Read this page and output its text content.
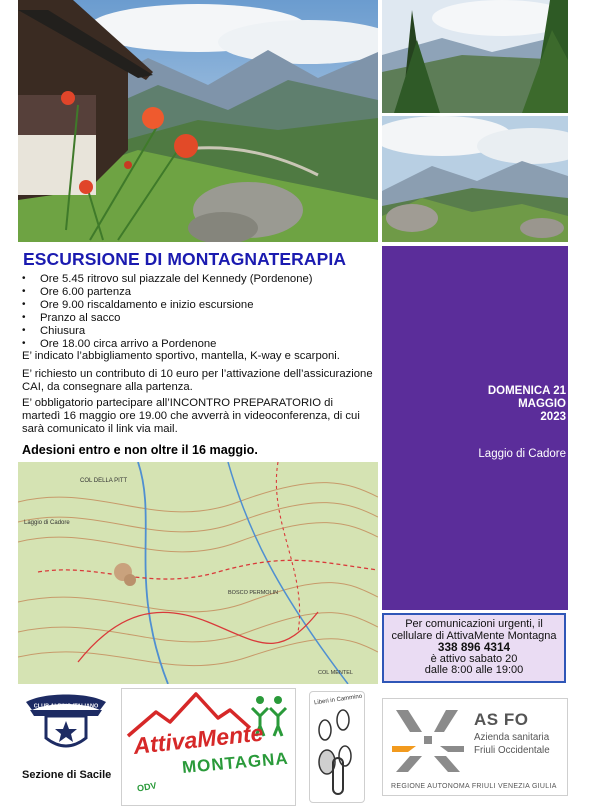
ESCURSIONE DI MONTAGNATERAPIA
• Ore 5.45 ritrovo sul piazzale del Kennedy (Pordenone)
• Ore 6.00 partenza
• Ore 9.00 riscaldamento e inizio escursione
• Pranzo al sacco
• Chiusura
• Ore 18.00 circa arrivo a Pordenone
E’ indicato l’abbigliamento sportivo, mantella, K-way e scarponi.
E’ richiesto un contributo di 10 euro per l’attivazione dell’assicurazione CAI, da consegnare alla partenza.
E’ obbligatorio partecipare all’INCONTRO PREPARATORIO di martedì 16 maggio ore 19.00 che avverrà in videoconferenza, di cui sarà comunicato il link via mail.
Adesioni entro e non oltre il 16 maggio.
COL DELLA PITT
Laggio di Cadore
BOSCO PERMOLIN
COL MENTEL
DOMENICA 21
MAGGIO
2023
Laggio di Cadore
Per comunicazioni urgenti, il
cellulare di AttivaMente Montagna
338 896 4314
è attivo sabato 20
dalle 8:00 alle 19:00
CLUB ALPINO ITALIANO
Sezione di Sacile
AttivaMente
MONTAGNA
ODV
Liberi in Cammino
AS FO
Azienda sanitaria
Friuli Occidentale
REGIONE AUTONOMA FRIULI VENEZIA GIULIA
